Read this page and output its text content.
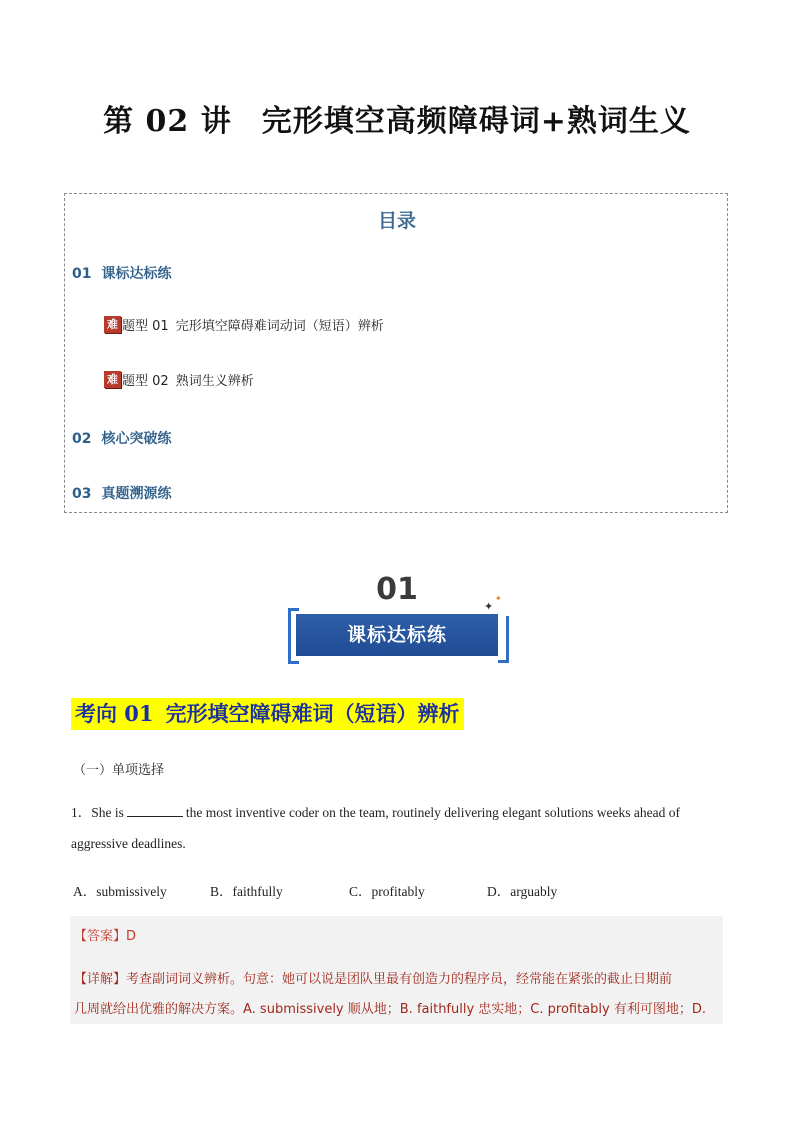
第 02 讲 完形填空高频障碍词+熟词生义
目录
01 课标达标练
难 题型 01 完形填空障碍难词动词（短语）辨析
难 题型 02 熟词生义辨析
02 核心突破练
03 真题溯源练
01
课标达标练
✦
✦
考向 01 完形填空障碍难词（短语）辨析
（一）单项选择
1．She is	the most inventive coder on the team, routinely delivering elegant solutions weeks ahead of
aggressive deadlines.
A．submissively	B．faithfully	C．profitably	D．arguably
【答案】D
【详解】考查副词词义辨析。句意：她可以说是团队里最有创造力的程序员，经常能在紧张的截止日期前
几周就给出优雅的解决方案。A. submissively 顺从地；B. faithfully 忠实地；C. profitably 有利可图地；D.
